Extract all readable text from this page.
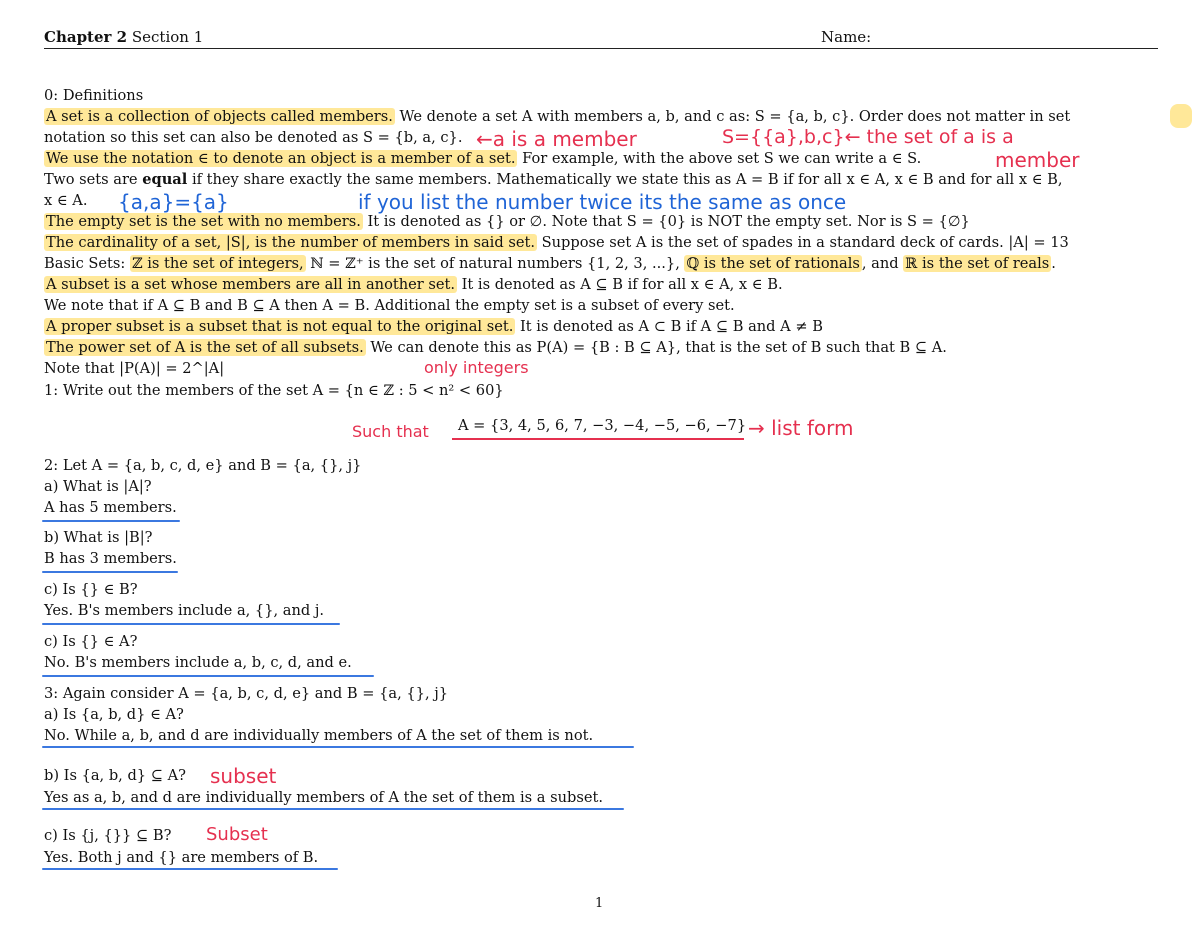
Chapter 2 Section 1	Name:
0: Definitions
A set is a collection of objects called members. We denote a set A with members a, b, and c as: S = {a, b, c}. Order does not matter in set
notation so this set can also be denoted as S = {b, a, c}.
We use the notation ∈ to denote an object is a member of a set. For example, with the above set S we can write a ∈ S.
Two sets are equal if they share exactly the same members. Mathematically we state this as A = B if for all x ∈ A, x ∈ B and for all x ∈ B,
x ∈ A.
The empty set is the set with no members. It is denoted as {} or ∅. Note that S = {0} is NOT the empty set. Nor is S = {∅}
The cardinality of a set, |S|, is the number of members in said set. Suppose set A is the set of spades in a standard deck of cards. |A| = 13
Basic Sets: ℤ is the set of integers, ℕ = ℤ⁺ is the set of natural numbers {1, 2, 3, ...}, ℚ is the set of rationals , and ℝ is the set of reals .
A subset is a set whose members are all in another set. It is denoted as A ⊆ B if for all x ∈ A, x ∈ B.
We note that if A ⊆ B and B ⊆ A then A = B. Additional the empty set is a subset of every set.
A proper subset is a subset that is not equal to the original set. It is denoted as A ⊂ B if A ⊆ B and A ≠ B
The power set of A is the set of all subsets. We can denote this as P(A) = {B : B ⊆ A}, that is the set of B such that B ⊆ A.
Note that |P(A)| = 2^|A|
1: Write out the members of the set A = {n ∈ ℤ : 5 < n² < 60}
A = {3, 4, 5, 6, 7, −3, −4, −5, −6, −7}
2: Let A = {a, b, c, d, e} and B = {a, {}, j}
a) What is |A|?
A has 5 members.
b) What is |B|?
B has 3 members.
c) Is {} ∈ B?
Yes. B's members include a, {}, and j.
c) Is {} ∈ A?
No. B's members include a, b, c, d, and e.
3: Again consider A = {a, b, c, d, e} and B = {a, {}, j}
a) Is {a, b, d} ∈ A?
No. While a, b, and d are individually members of A the set of them is not.
b) Is {a, b, d} ⊆ A?
Yes as a, b, and d are individually members of A the set of them is a subset.
c) Is {j, {}} ⊆ B?
Yes. Both j and {} are members of B.
←a is a member	S={{a},b,c}← the set of a is a
member
{a,a}={a}	if you list the number twice its the same as once
only integers
Such that	→ list form
subset
Subset
1
